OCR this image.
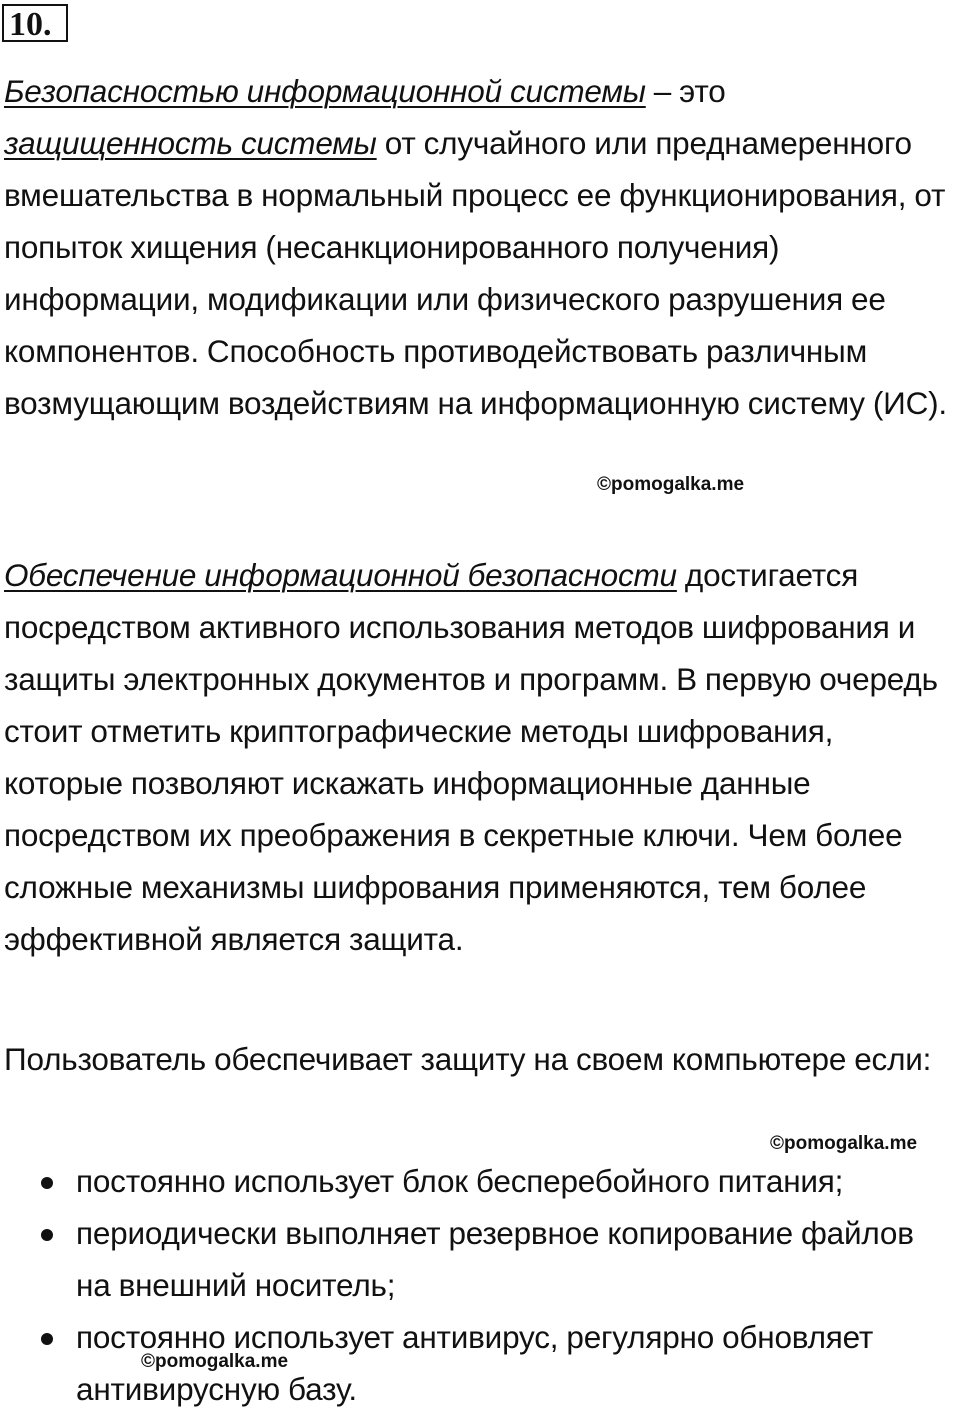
10.

Безопасностью информационной системы – это защищенность системы от случайного или преднамеренного вмешательства в нормальный процесс ее функционирования, от попыток хищения (несанкционированного получения) информации, модификации или физического разрушения ее компонентов. Способность противодействовать различным возмущающим воздействиям на информационную систему (ИС).

©pomogalka.me

Обеспечение информационной безопасности достигается посредством активного использования методов шифрования и защиты электронных документов и программ. В первую очередь стоит отметить криптографические методы шифрования, которые позволяют искажать информационные данные посредством их преображения в секретные ключи. Чем более сложные механизмы шифрования применяются, тем более эффективной является защита.

Пользователь обеспечивает защиту на своем компьютере если:

©pomogalka.me
постоянно использует блок бесперебойного питания;
периодически выполняет резервное копирование файлов на внешний носитель;
постоянно использует антивирус, регулярно обновляет антивирусную базу.
©pomogalka.me
